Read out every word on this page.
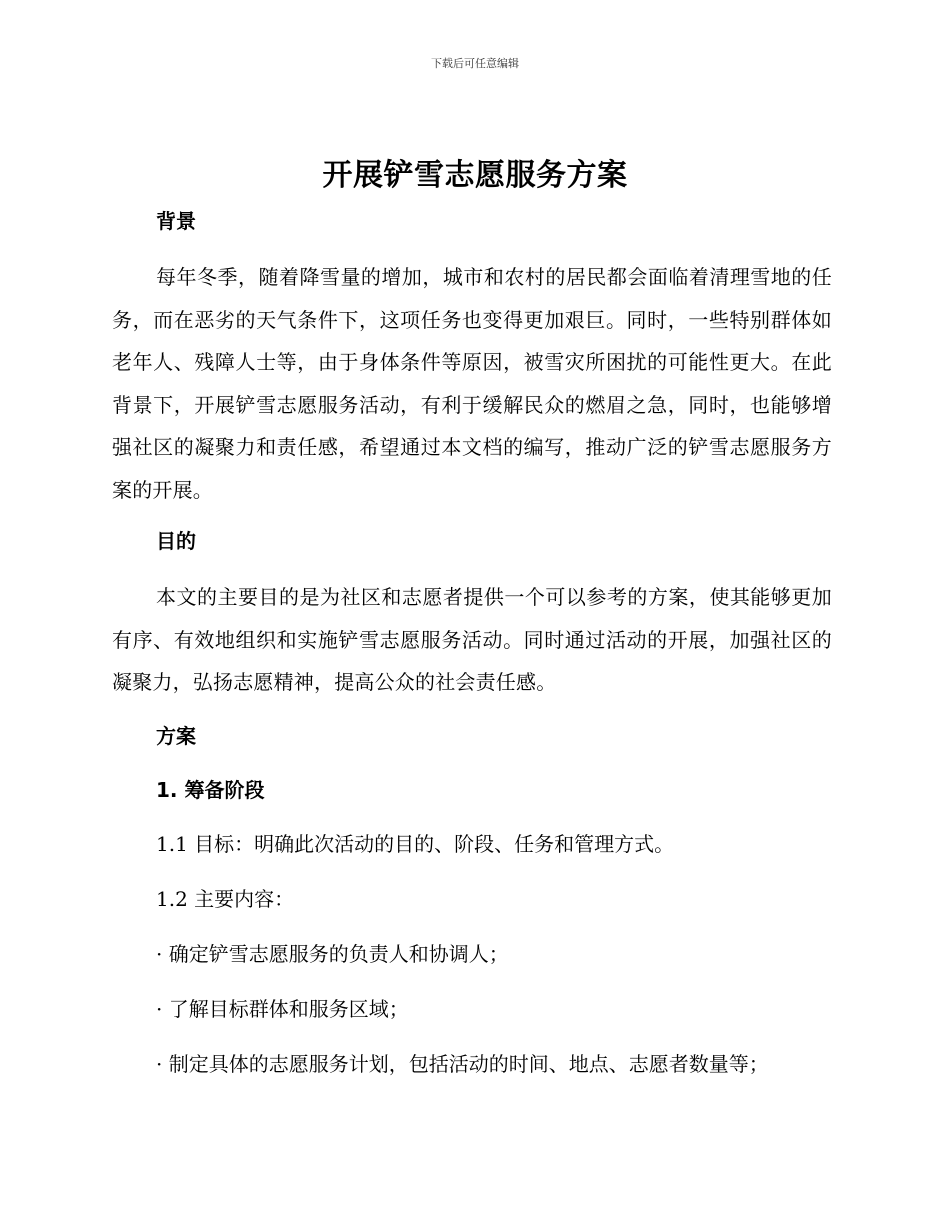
下载后可任意编辑
开展铲雪志愿服务方案
背景
每年冬季，随着降雪量的增加，城市和农村的居民都会面临着清理雪地的任务，而在恶劣的天气条件下，这项任务也变得更加艰巨。同时，一些特别群体如老年人、残障人士等，由于身体条件等原因，被雪灾所困扰的可能性更大。在此背景下，开展铲雪志愿服务活动，有利于缓解民众的燃眉之急，同时，也能够增强社区的凝聚力和责任感，希望通过本文档的编写，推动广泛的铲雪志愿服务方案的开展。
目的
本文的主要目的是为社区和志愿者提供一个可以参考的方案，使其能够更加有序、有效地组织和实施铲雪志愿服务活动。同时通过活动的开展，加强社区的凝聚力，弘扬志愿精神，提高公众的社会责任感。
方案
1. 筹备阶段
1.1 目标：明确此次活动的目的、阶段、任务和管理方式。
1.2 主要内容：
· 确定铲雪志愿服务的负责人和协调人；
· 了解目标群体和服务区域；
· 制定具体的志愿服务计划，包括活动的时间、地点、志愿者数量等；
